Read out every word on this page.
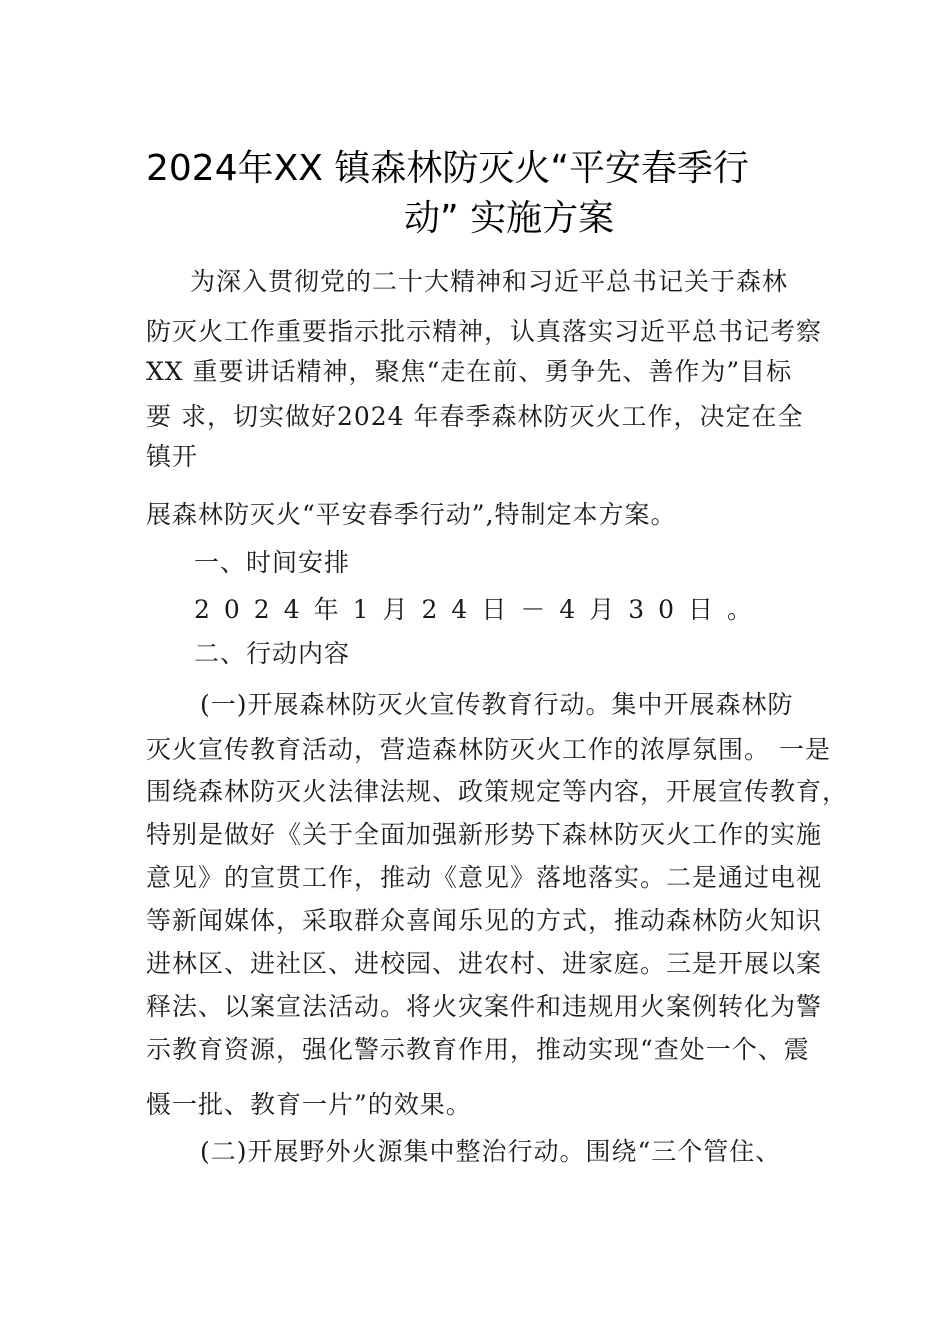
2024年XX 镇森林防灭火“平安春季行
动” 实施方案
为深入贯彻党的二十大精神和习近平总书记关于森林
防灭火工作重要指示批示精神，认真落实习近平总书记考察
XX 重要讲话精神，聚焦“走在前、勇争先、善作为”目标
要 求，切实做好2024 年春季森林防灭火工作，决定在全
镇开
展森林防灭火“平安春季行动”,特制定本方案。
一、时间安排
2024年1月24日－4月30日。
二、行动内容
(一)开展森林防灭火宣传教育行动。集中开展森林防
灭火宣传教育活动，营造森林防灭火工作的浓厚氛围。 一是
围绕森林防灭火法律法规、政策规定等内容，开展宣传教育，
特别是做好《关于全面加强新形势下森林防灭火工作的实施
意见》的宣贯工作，推动《意见》落地落实。二是通过电视
等新闻媒体，采取群众喜闻乐见的方式，推动森林防火知识
进林区、进社区、进校园、进农村、进家庭。三是开展以案
释法、以案宣法活动。将火灾案件和违规用火案例转化为警
示教育资源，强化警示教育作用，推动实现“查处一个、震
慑一批、教育一片”的效果。
(二)开展野外火源集中整治行动。围绕“三个管住、
